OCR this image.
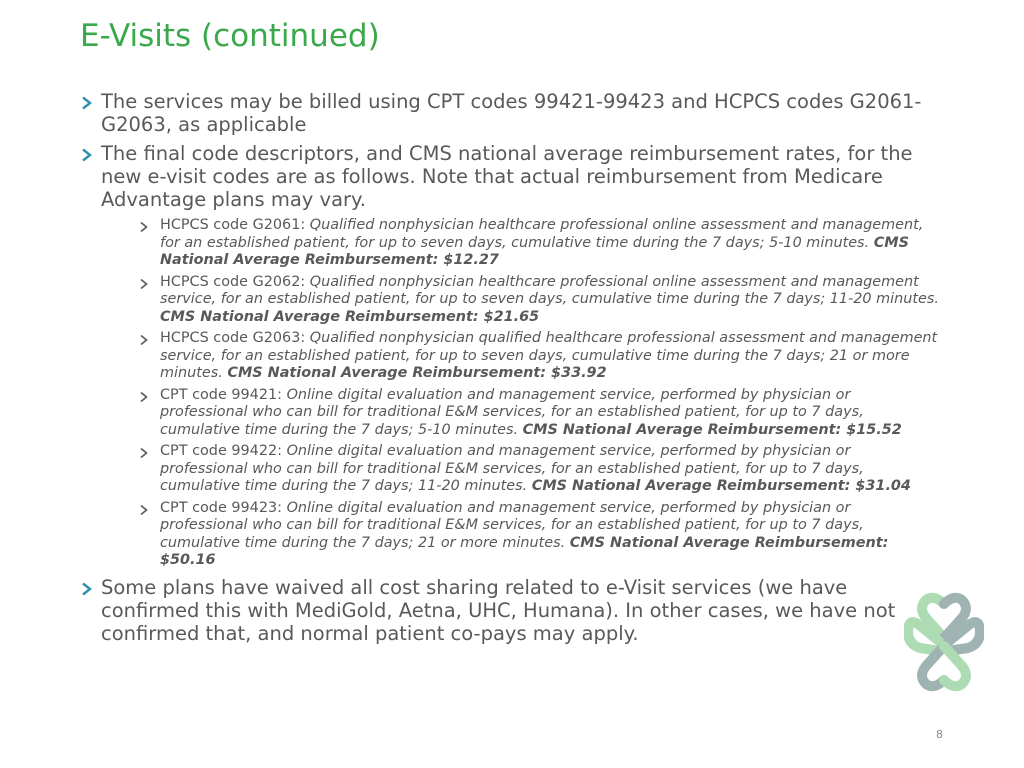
E-Visits (continued)
The services may be billed using CPT codes 99421-99423 and HCPCS codes G2061-G2063, as applicable
The final code descriptors, and CMS national average reimbursement rates, for the new e-visit codes are as follows. Note that actual reimbursement from Medicare Advantage plans may vary.
HCPCS code G2061: Qualified nonphysician healthcare professional online assessment and management, for an established patient, for up to seven days, cumulative time during the 7 days; 5-10 minutes. CMS National Average Reimbursement: $12.27
HCPCS code G2062: Qualified nonphysician healthcare professional online assessment and management service, for an established patient, for up to seven days, cumulative time during the 7 days; 11-20 minutes. CMS National Average Reimbursement: $21.65
HCPCS code G2063: Qualified nonphysician qualified healthcare professional assessment and management service, for an established patient, for up to seven days, cumulative time during the 7 days; 21 or more minutes. CMS National Average Reimbursement: $33.92
CPT code 99421: Online digital evaluation and management service, performed by physician or professional who can bill for traditional E&M services, for an established patient, for up to 7 days, cumulative time during the 7 days; 5-10 minutes. CMS National Average Reimbursement: $15.52
CPT code 99422: Online digital evaluation and management service, performed by physician or professional who can bill for traditional E&M services, for an established patient, for up to 7 days, cumulative time during the 7 days; 11-20 minutes. CMS National Average Reimbursement: $31.04
CPT code 99423: Online digital evaluation and management service, performed by physician or professional who can bill for traditional E&M services, for an established patient, for up to 7 days, cumulative time during the 7 days; 21 or more minutes. CMS National Average Reimbursement: $50.16
Some plans have waived all cost sharing related to e-Visit services (we have confirmed this with MediGold, Aetna, UHC, Humana). In other cases, we have not confirmed that, and normal patient co-pays may apply.
8
